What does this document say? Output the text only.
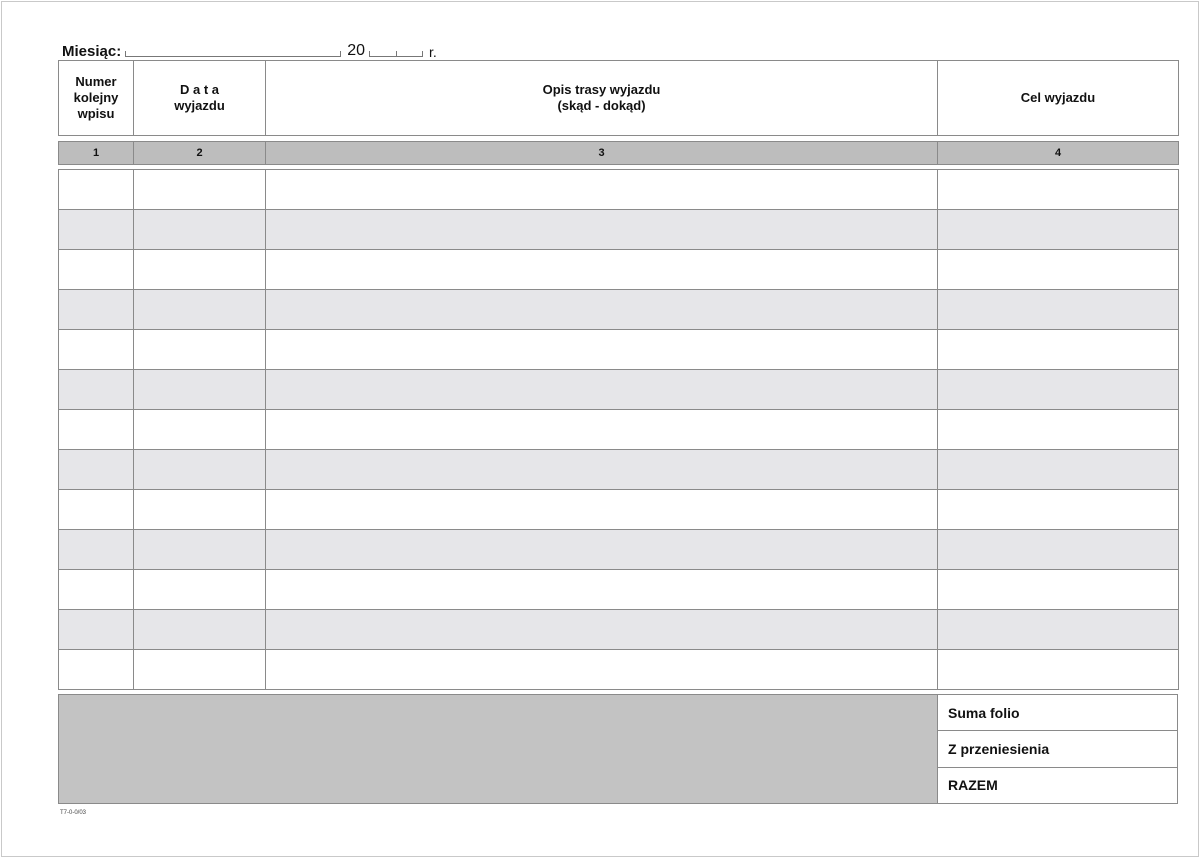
Miesiąc:	20	r.
Numer
kolejny
wpisu

D a t a
wyjazdu

Opis trasy wyjazdu
(skąd - dokąd)

Cel wyjazdu
1	2	3	4

Suma folio
Z przeniesienia
RAZEM
T7-0-0/03
